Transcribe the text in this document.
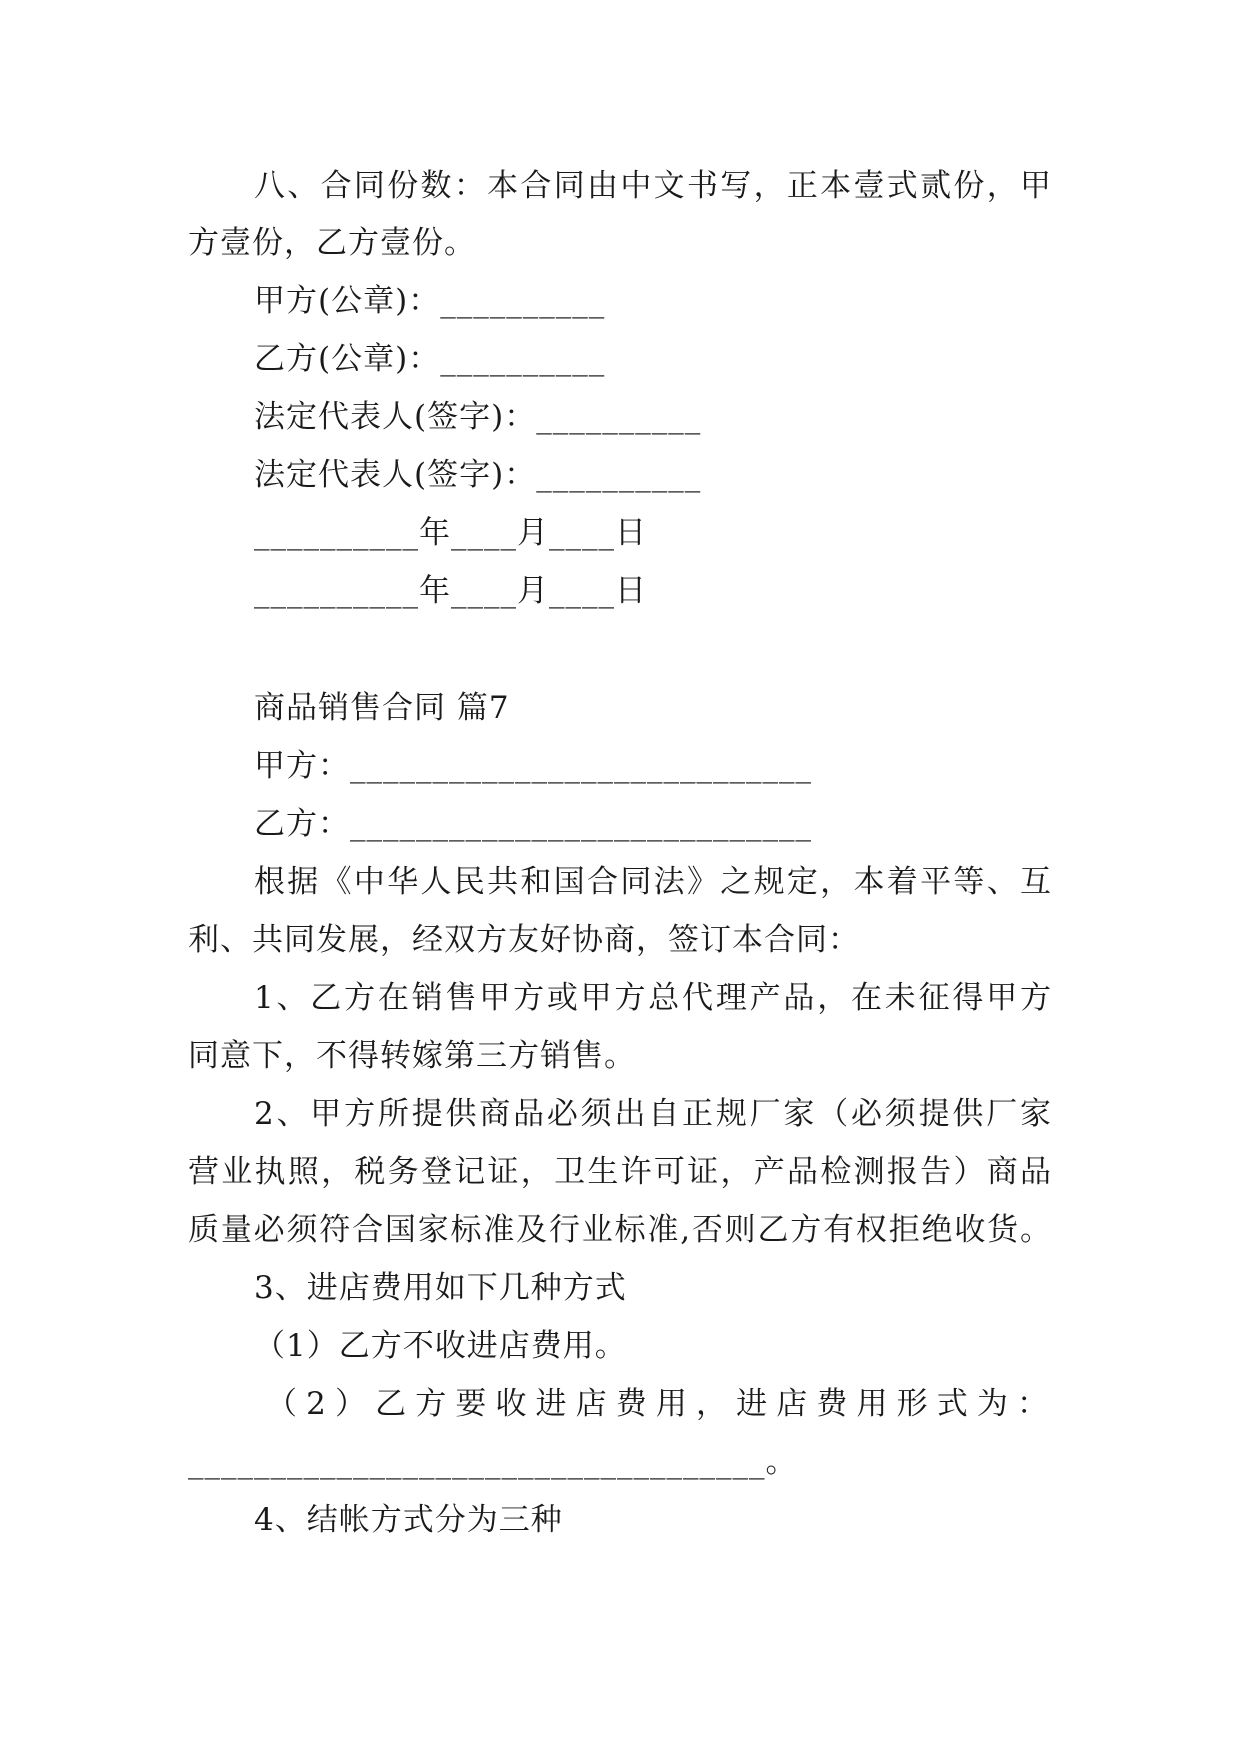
八、合同份数：本合同由中文书写，正本壹式贰份，甲
方壹份，乙方壹份。
甲方(公章)：__________
乙方(公章)：__________
法定代表人(签字)：__________
法定代表人(签字)：__________
__________年____月____日
__________年____月____日
商品销售合同 篇7
甲方：____________________________
乙方：____________________________
根据《中华人民共和国合同法》之规定，本着平等、互
利、共同发展，经双方友好协商，签订本合同：
1、乙方在销售甲方或甲方总代理产品，在未征得甲方
同意下，不得转嫁第三方销售。
2、甲方所提供商品必须出自正规厂家（必须提供厂家
营业执照，税务登记证，卫生许可证，产品检测报告）商品
质量必须符合国家标准及行业标准,否则乙方有权拒绝收货。
3、进店费用如下几种方式
（1）乙方不收进店费用。
（2）乙方要收进店费用，进店费用形式为：
___________________________________。
4、结帐方式分为三种
